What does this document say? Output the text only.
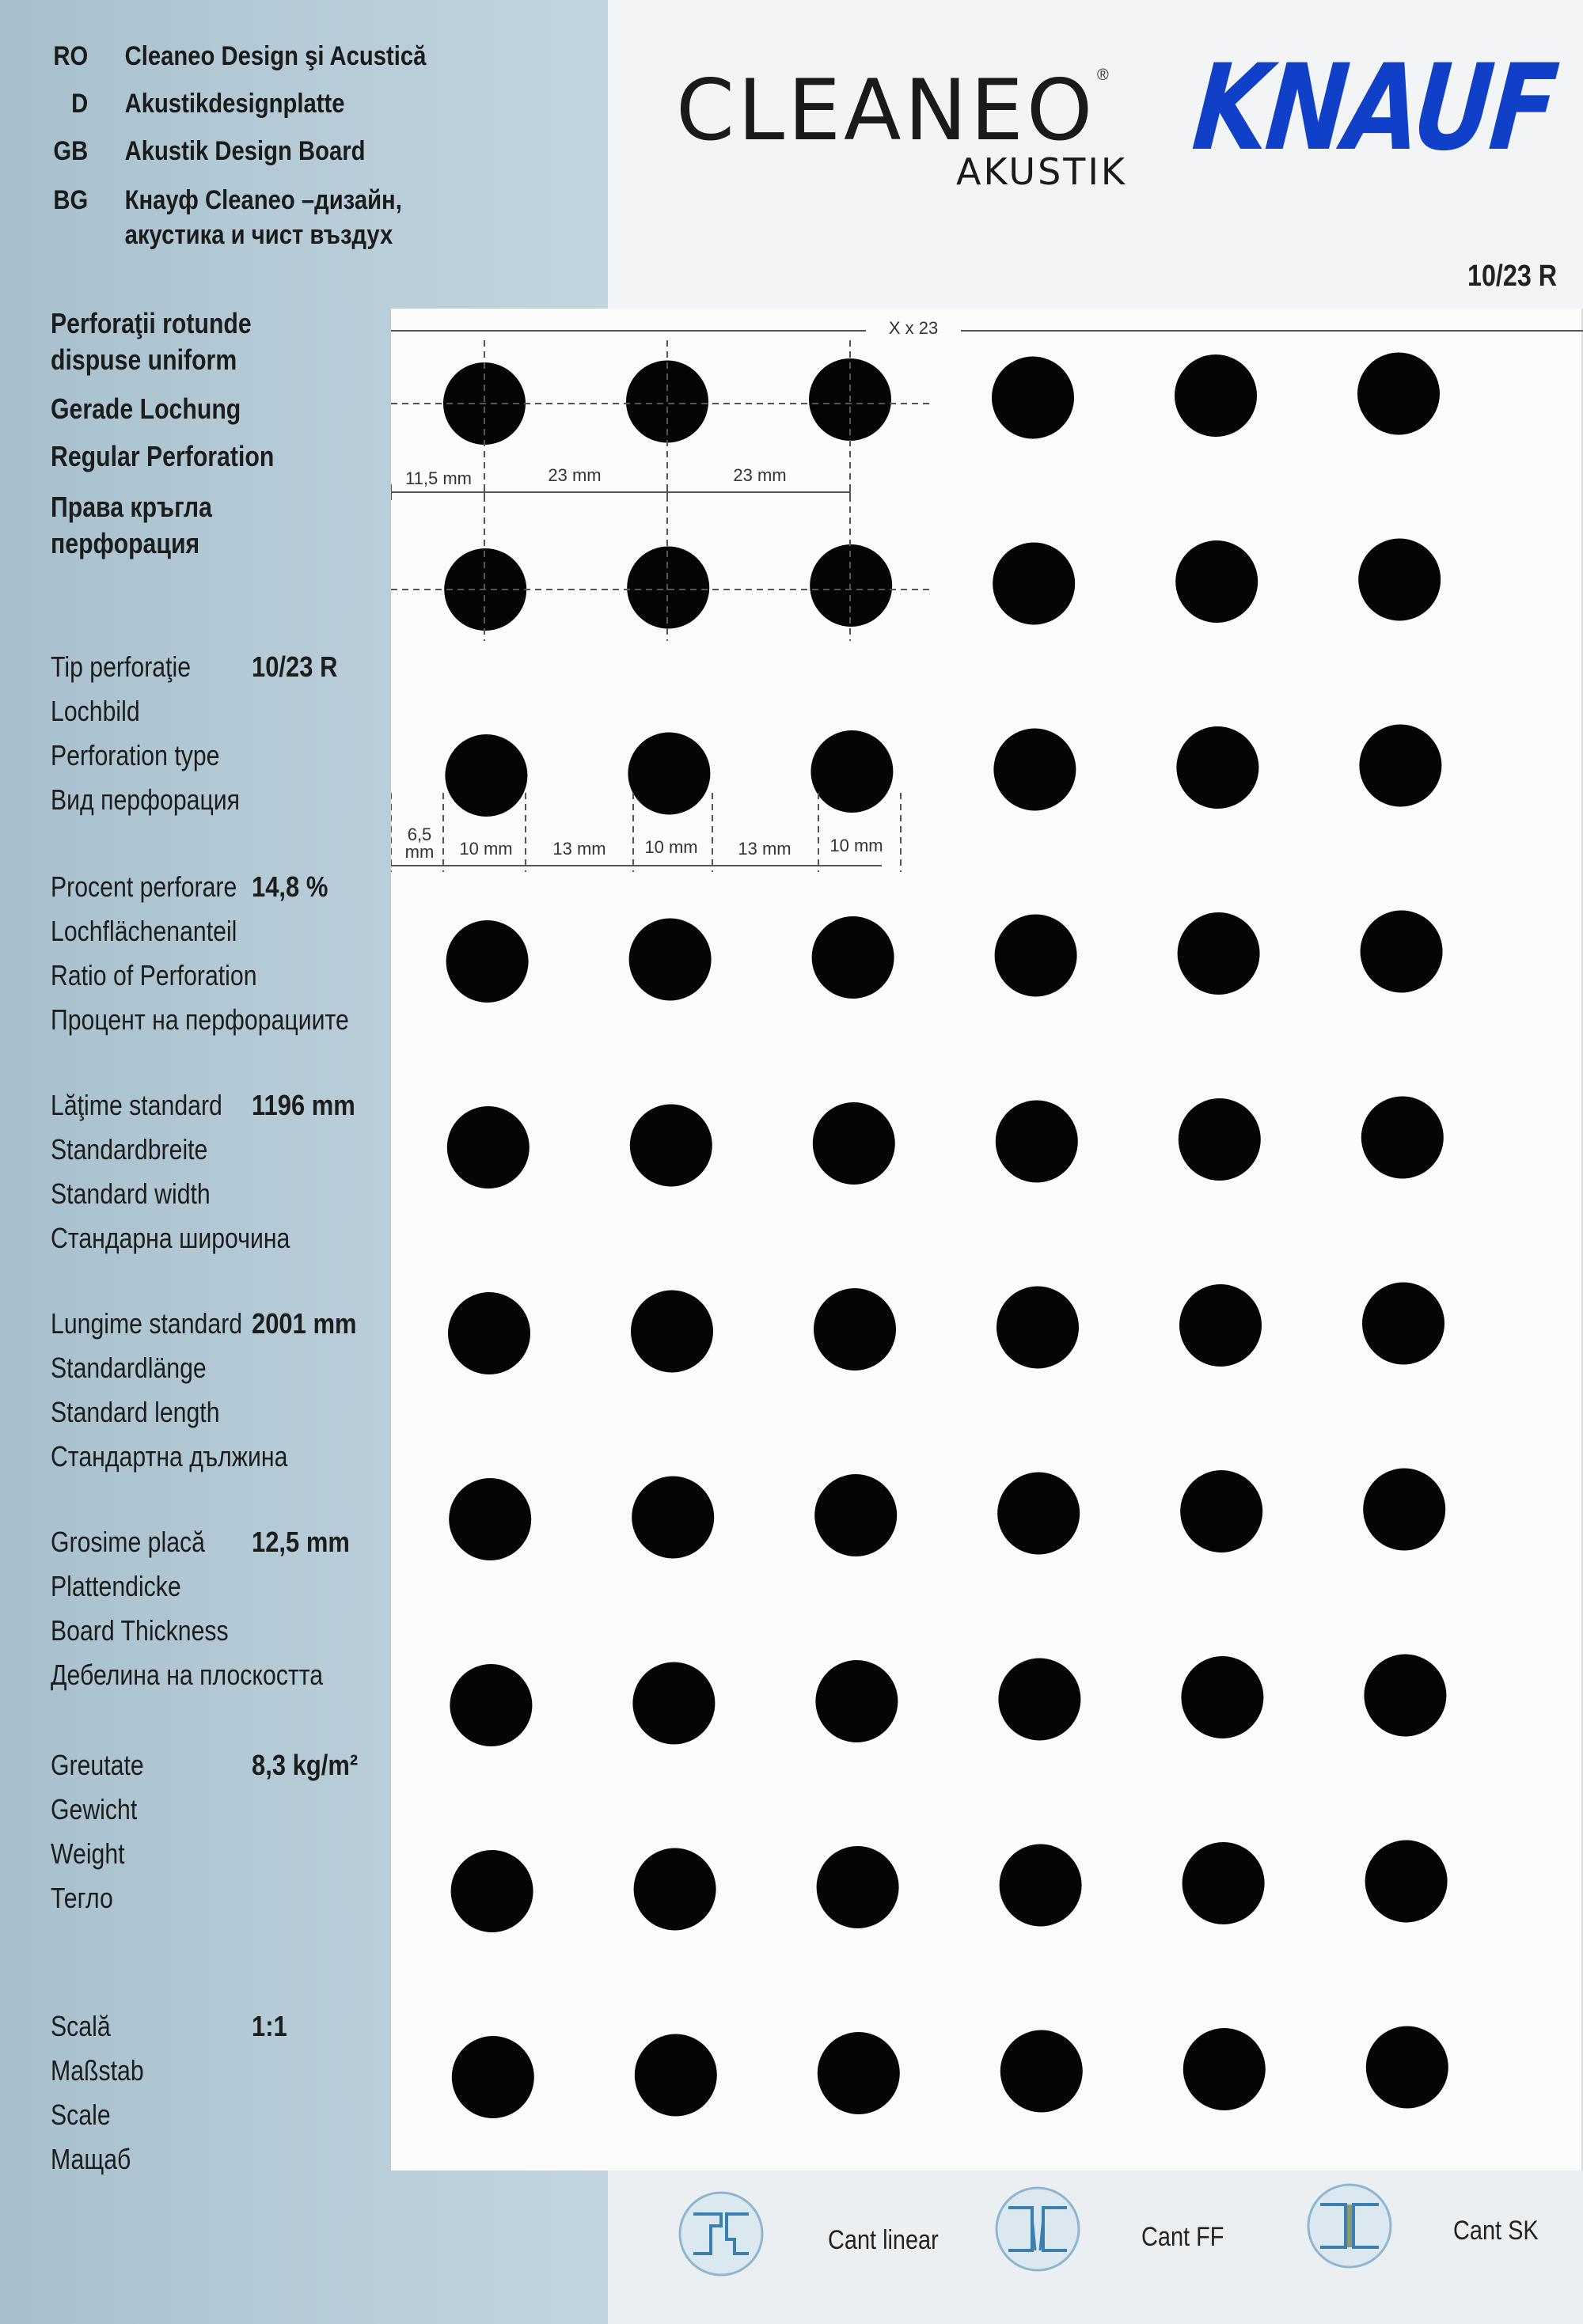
RO Cleaneo Design şi Acustică
D Akustikdesignplatte
GB Akustik Design Board
BG Кнауф Cleaneo –дизайн,
акустика и чист въздух
CLEANEO ®
AKUSTIK KNAUF
10/23 R
Perforaţii rotunde
dispuse uniform
Gerade Lochung
Regular Perforation
Права кръгла
перфорация
Tip perforaţie
Lochbild
Perforation type
Вид перфорация
10/23 R
Procent perforare
Lochflächenanteil
Ratio of Perforation
Процент на перфорациите
14,8 %
Lăţime standard
Standardbreite
Standard width
Стандарна широчина
1196 mm
Lungime standard
Standardlänge
Standard length
Стандартна дължина
2001 mm
Grosime placă
Plattendicke
Board Thickness
Дебелина на плоскостта
12,5 mm
Greutate
Gewicht
Weight
Тегло
8,3 kg/m²
Scală
Maßstab
Scale
Мащаб
1:1
X x 23
11,5 mm	23 mm	23 mm
6,5
mm 10 mm 13 mm 10 mm 13 mm 10 mm
Cant linear	Cant FF	Cant SK
